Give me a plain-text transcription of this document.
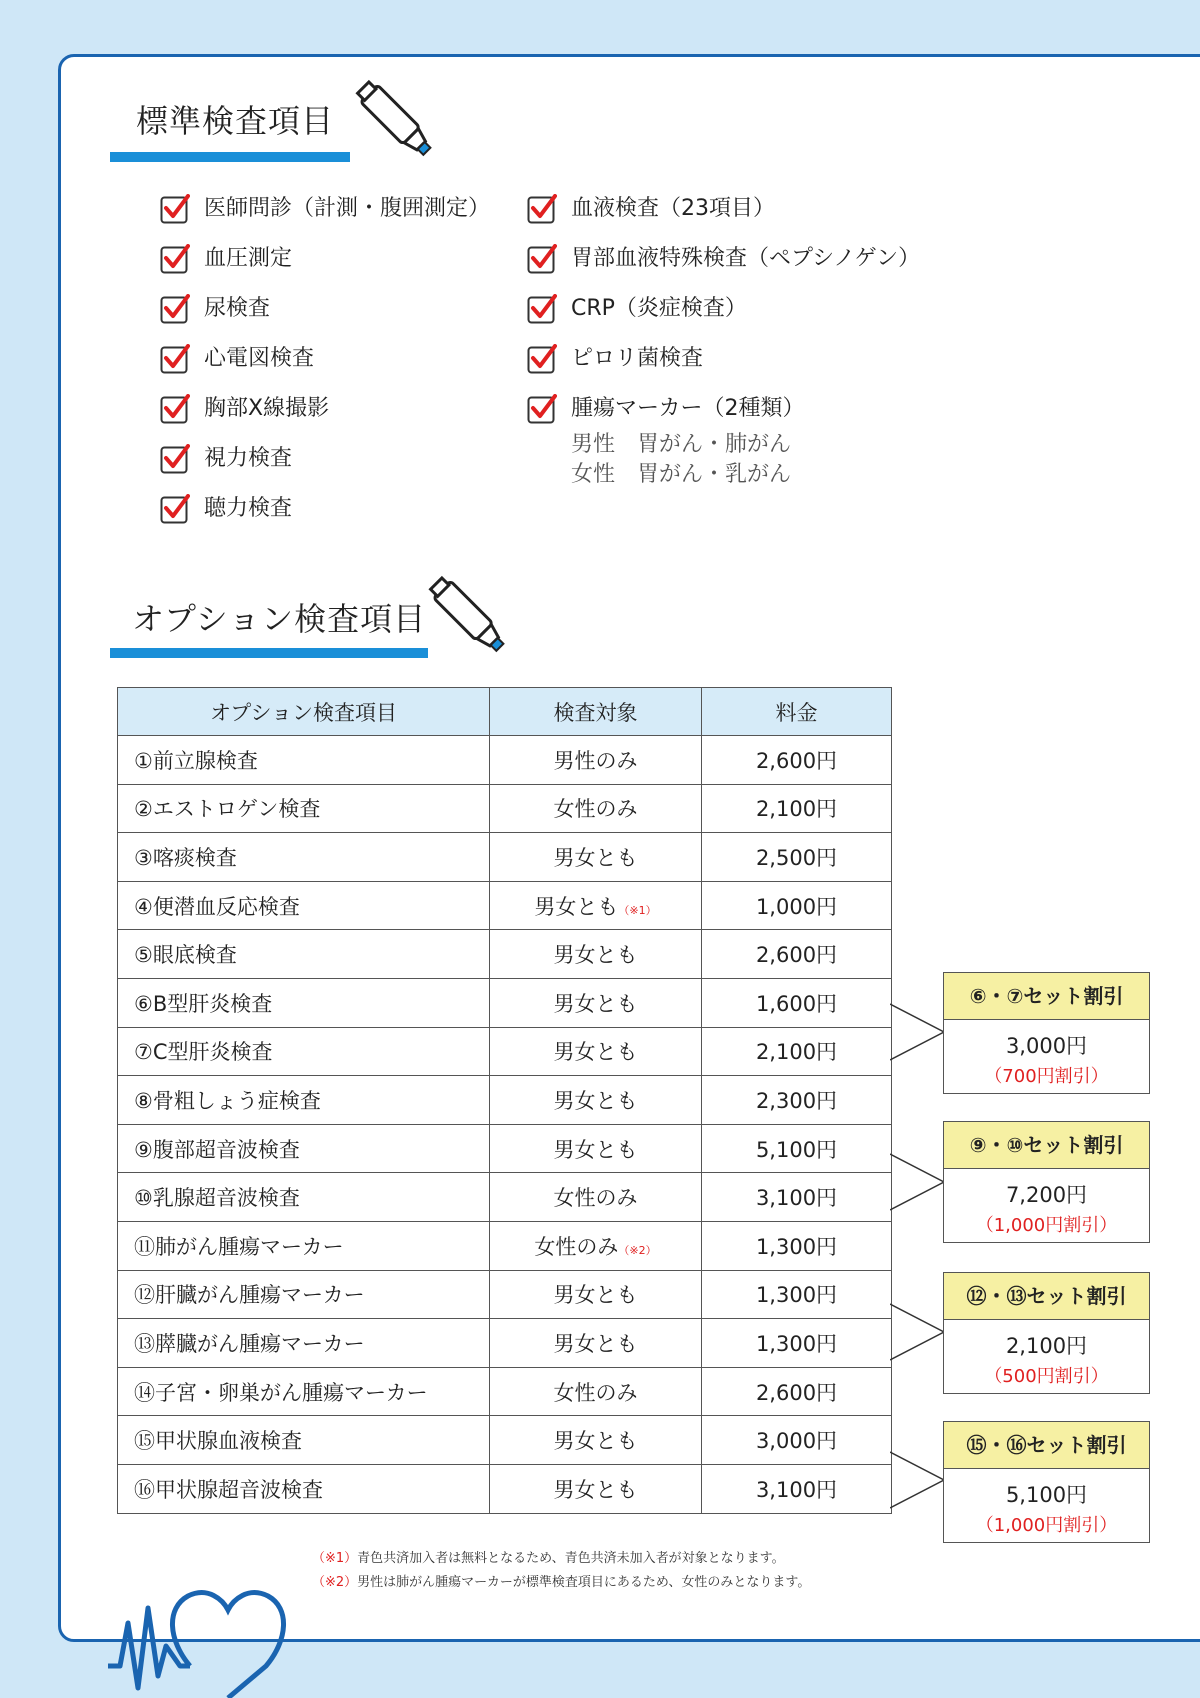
標準検査項目
医師問診（計測・腹囲測定）
血圧測定
尿検査
心電図検査
胸部X線撮影
視力検査
聴力検査
血液検査（23項目）
胃部血液特殊検査（ペプシノゲン）
CRP（炎症検査）
ピロリ菌検査
腫瘍マーカー（2種類）
男性　胃がん・肺がん
女性　胃がん・乳がん
オプション検査項目
オプション検査項目	検査対象	料金
①前立腺検査	男性のみ	2,600円
②エストロゲン検査	女性のみ	2,100円
③喀痰検査	男女とも	2,500円
④便潜血反応検査	男女とも（※1）	1,000円
⑤眼底検査	男女とも	2,600円
⑥B型肝炎検査	男女とも	1,600円
⑦C型肝炎検査	男女とも	2,100円
⑧骨粗しょう症検査	男女とも	2,300円
⑨腹部超音波検査	男女とも	5,100円
⑩乳腺超音波検査	女性のみ	3,100円
⑪肺がん腫瘍マーカー	女性のみ（※2）	1,300円
⑫肝臓がん腫瘍マーカー	男女とも	1,300円
⑬膵臓がん腫瘍マーカー	男女とも	1,300円
⑭子宮・卵巣がん腫瘍マーカー	女性のみ	2,600円
⑮甲状腺血液検査	男女とも	3,000円
⑯甲状腺超音波検査	男女とも	3,100円
⑥・⑦セット割引
3,000円
（700円割引）
⑨・⑩セット割引
7,200円
（1,000円割引）
⑫・⑬セット割引
2,100円
（500円割引）
⑮・⑯セット割引
5,100円
（1,000円割引）
（※1）青色共済加入者は無料となるため、青色共済未加入者が対象となります。
（※2）男性は肺がん腫瘍マーカーが標準検査項目にあるため、女性のみとなります。
